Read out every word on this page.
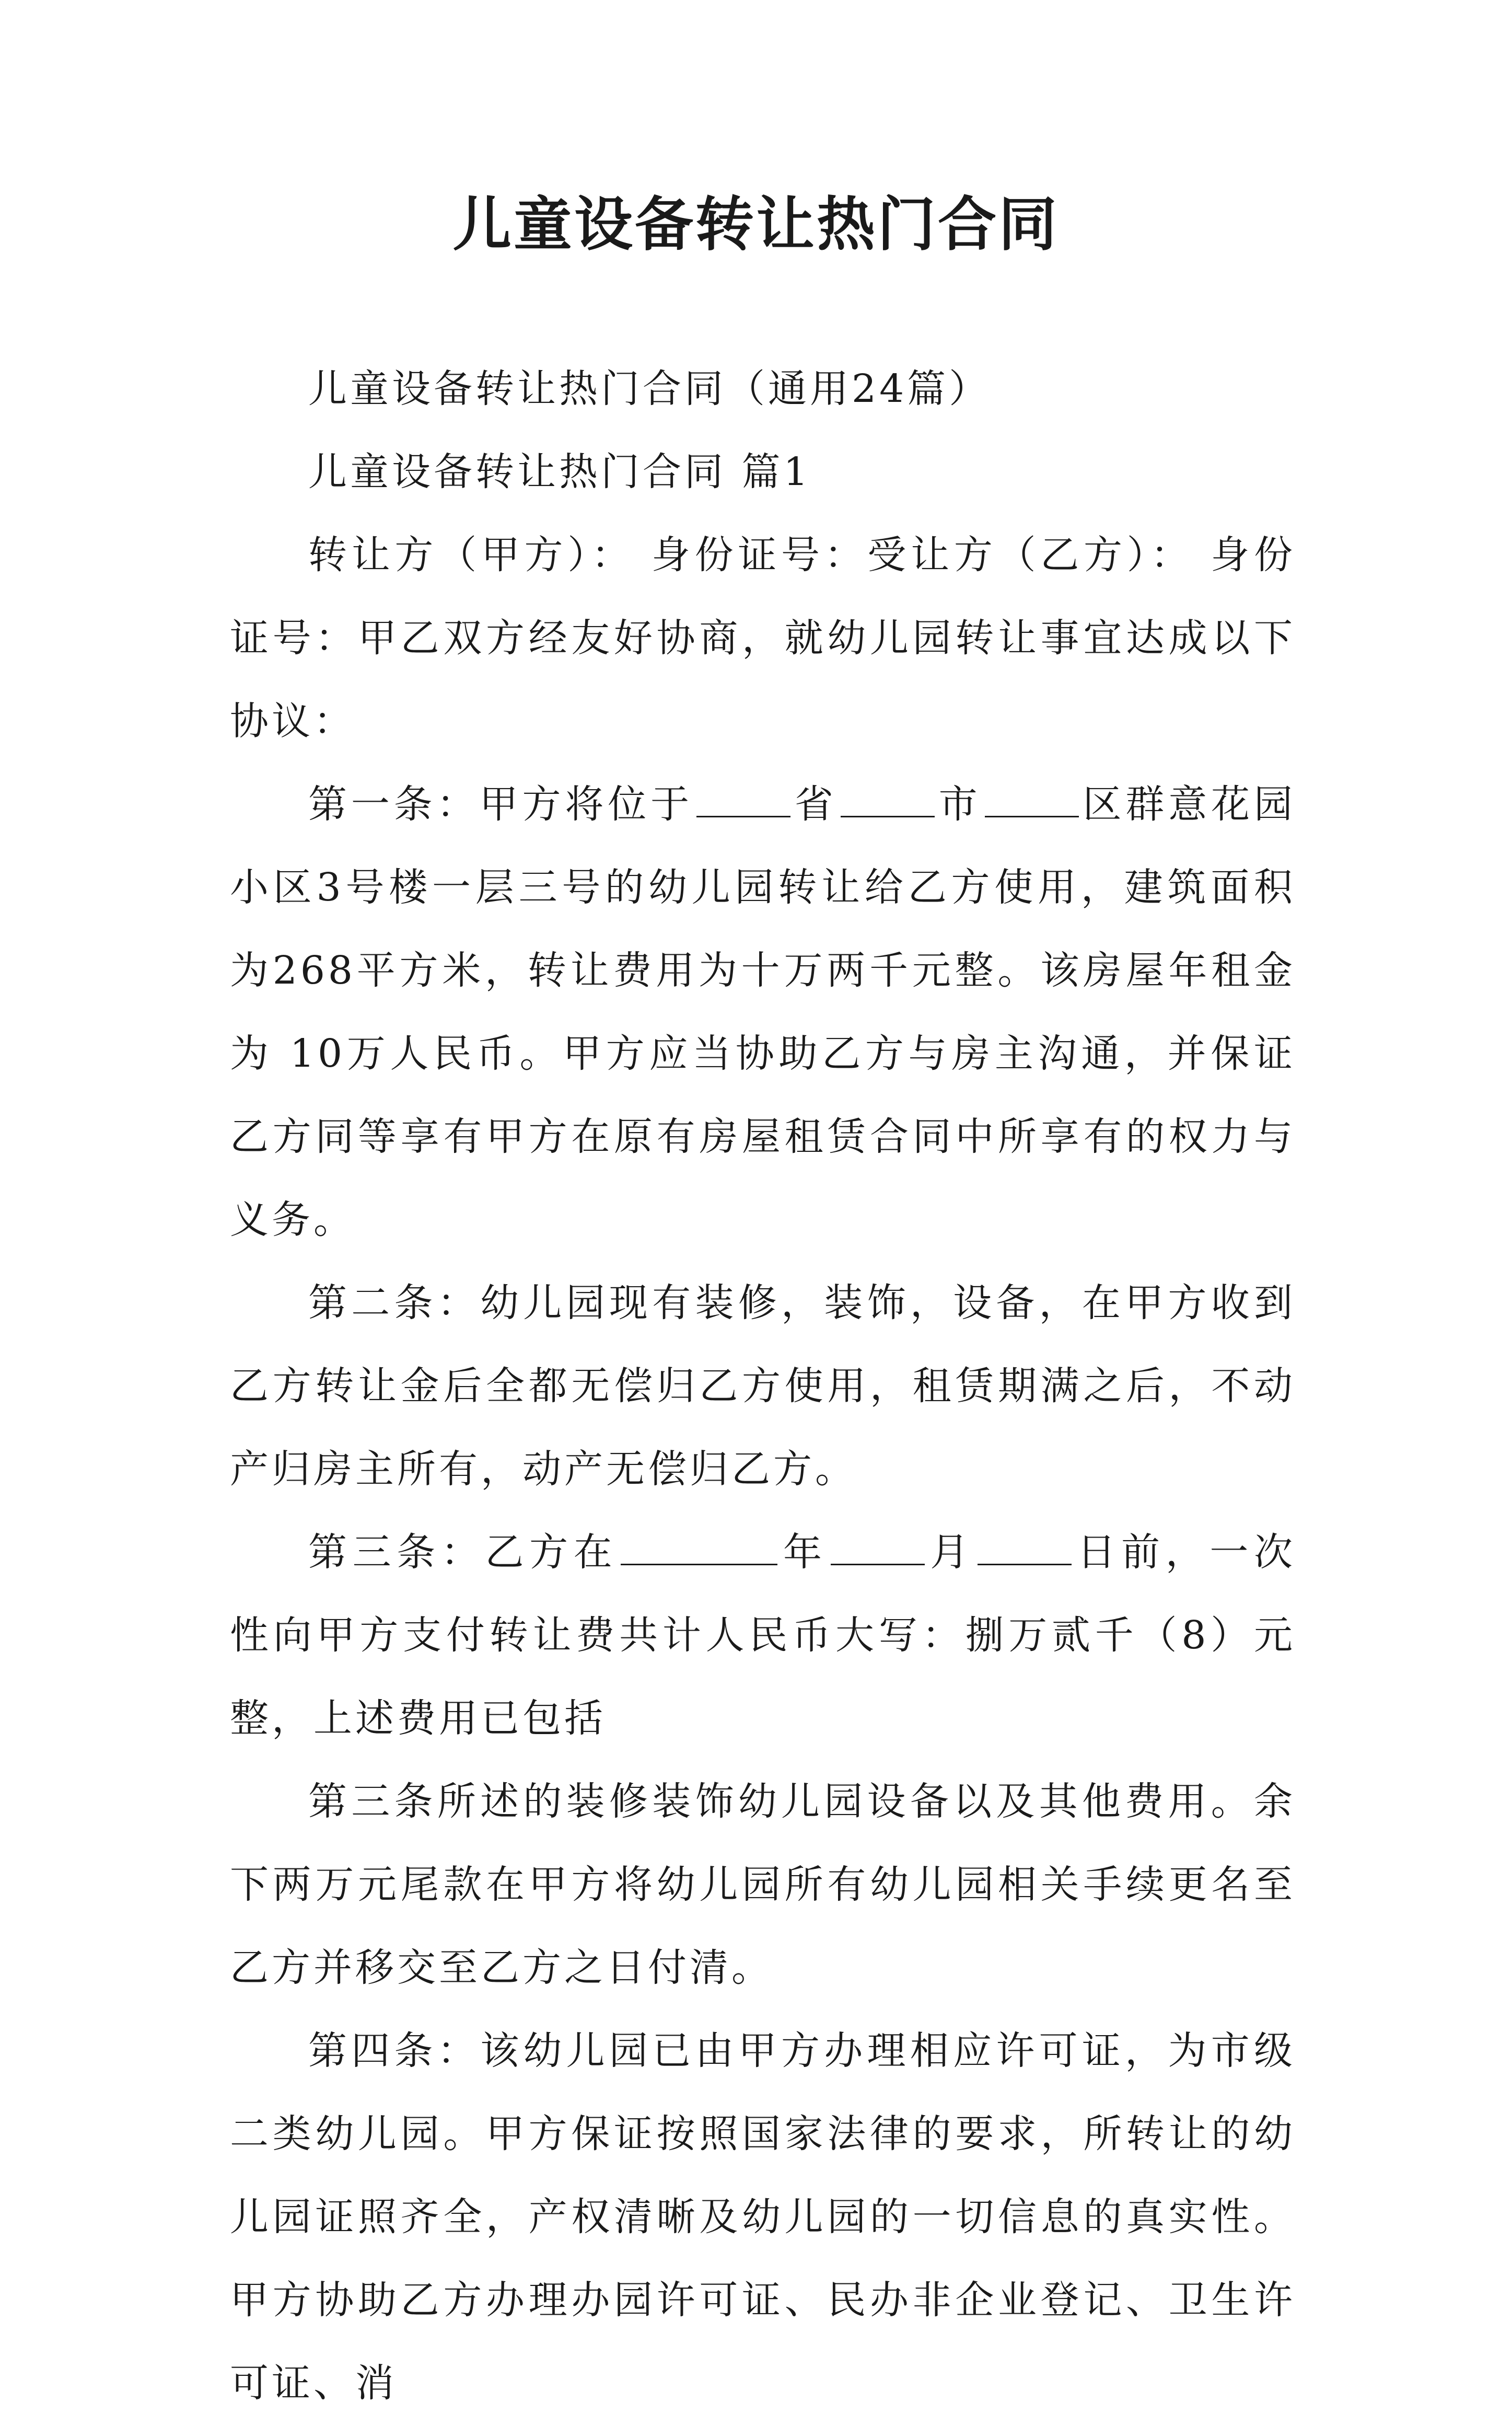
儿童设备转让热门合同

儿童设备转让热门合同（通用24篇）

儿童设备转让热门合同 篇1

转让方（甲方）： 身份证号：受让方（乙方）： 身份证号：甲乙双方经友好协商，就幼儿园转让事宜达成以下协议：

第一条：甲方将位于	省	市	区群意花园小区3号楼一层三号的幼儿园转让给乙方使用，建筑面积为268平方米，转让费用为十万两千元整。该房屋年租金为 10万人民币。甲方应当协助乙方与房主沟通，并保证乙方同等享有甲方在原有房屋租赁合同中所享有的权力与义务。

第二条：幼儿园现有装修，装饰，设备，在甲方收到乙方转让金后全都无偿归乙方使用，租赁期满之后，不动产归房主所有，动产无偿归乙方。

第三条：乙方在	年	月	日前，一次性向甲方支付转让费共计人民币大写：捌万贰千（8）元整，上述费用已包括

第三条所述的装修装饰幼儿园设备以及其他费用。余下两万元尾款在甲方将幼儿园所有幼儿园相关手续更名至乙方并移交至乙方之日付清。

第四条：该幼儿园已由甲方办理相应许可证，为市级二类幼儿园。甲方保证按照国家法律的要求，所转让的幼儿园证照齐全，产权清晰及幼儿园的一切信息的真实性。甲方协助乙方办理办园许可证、民办非企业登记、卫生许可证、消
